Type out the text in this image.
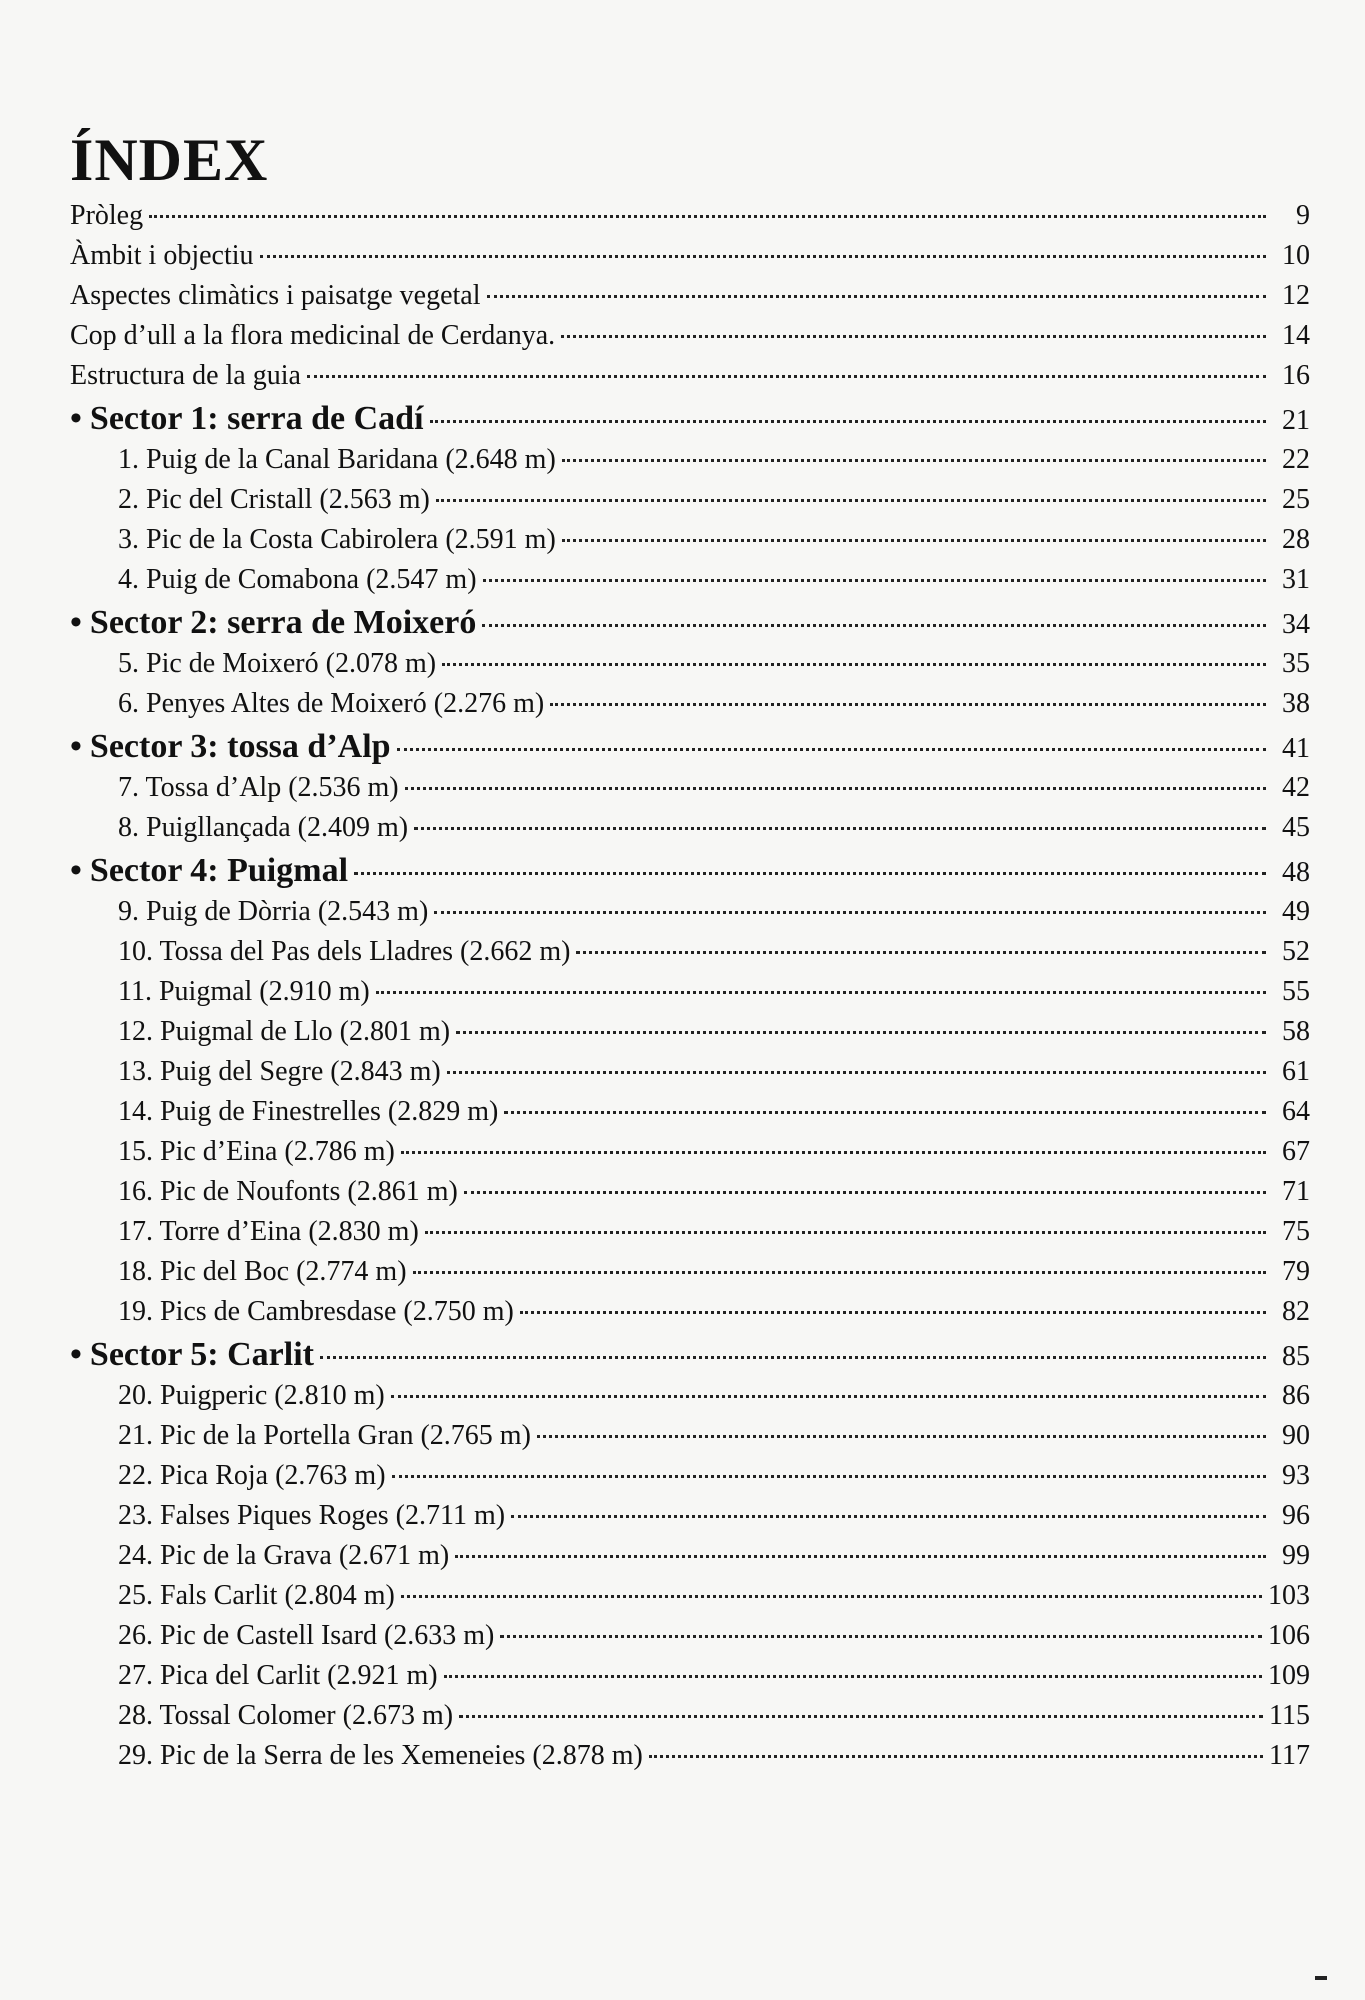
ÍNDEX
Pròleg	9
Àmbit i objectiu	10
Aspectes climàtics i paisatge vegetal	12
Cop d’ull a la flora medicinal de Cerdanya.	14
Estructura de la guia	16
• Sector 1: serra de Cadí	21
1. Puig de la Canal Baridana (2.648 m)	22
2. Pic del Cristall (2.563 m)	25
3. Pic de la Costa Cabirolera (2.591 m)	28
4. Puig de Comabona (2.547 m)	31
• Sector 2: serra de Moixeró	34
5. Pic de Moixeró (2.078 m)	35
6. Penyes Altes de Moixeró (2.276 m)	38
• Sector 3: tossa d’Alp	41
7. Tossa d’Alp (2.536 m)	42
8. Puigllançada (2.409 m)	45
• Sector 4: Puigmal	48
9. Puig de Dòrria (2.543 m)	49
10. Tossa del Pas dels Lladres (2.662 m)	52
11. Puigmal (2.910 m)	55
12. Puigmal de Llo (2.801 m)	58
13. Puig del Segre (2.843 m)	61
14. Puig de Finestrelles (2.829 m)	64
15. Pic d’Eina (2.786 m)	67
16. Pic de Noufonts (2.861 m)	71
17. Torre d’Eina (2.830 m)	75
18. Pic del Boc (2.774 m)	79
19. Pics de Cambresdase (2.750 m)	82
• Sector 5: Carlit	85
20. Puigperic (2.810 m)	86
21. Pic de la Portella Gran (2.765 m)	90
22. Pica Roja (2.763 m)	93
23. Falses Piques Roges (2.711 m)	96
24. Pic de la Grava (2.671 m)	99
25. Fals Carlit (2.804 m)	103
26. Pic de Castell Isard (2.633 m)	106
27. Pica del Carlit (2.921 m)	109
28. Tossal Colomer (2.673 m)	115
29. Pic de la Serra de les Xemeneies (2.878 m)	117
